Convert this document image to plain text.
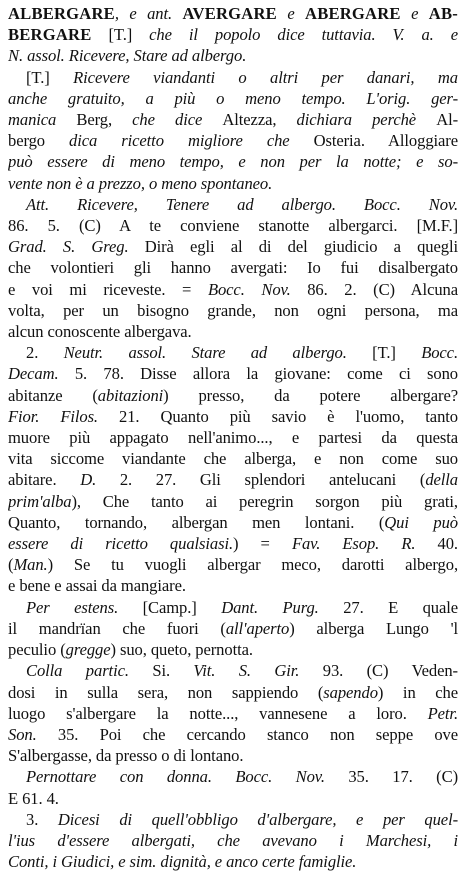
ALBERGARE, e ant. AVERGARE e ABERGARE e AB-
BERGARE [T.] che il popolo dice tuttavia. V. a. e
N. assol. Ricevere, Stare ad albergo.
[T.] Ricevere viandanti o altri per danari, ma
anche gratuito, a più o meno tempo. L'orig. ger-
manica Berg, che dice Altezza, dichiara perchè Al-
bergo dica ricetto migliore che Osteria. Alloggiare
può essere di meno tempo, e non per la notte; e so-
vente non è a prezzo, o meno spontaneo.
Att. Ricevere, Tenere ad albergo. Bocc. Nov.
86. 5. (C) A te conviene stanotte albergarci. [M.F.]
Grad. S. Greg. Dirà egli al di del giudicio a quegli
che volontieri gli hanno avergati: Io fui disalbergato
e voi mi riceveste. = Bocc. Nov. 86. 2. (C) Alcuna
volta, per un bisogno grande, non ogni persona, ma
alcun conoscente albergava.
2. Neutr. assol. Stare ad albergo. [T.] Bocc.
Decam. 5. 78. Disse allora la giovane: come ci sono
abitanze (abitazioni) presso, da potere albergare?
Fior. Filos. 21. Quanto più savio è l'uomo, tanto
muore più appagato nell'animo..., e partesi da questa
vita siccome viandante che alberga, e non come suo
abitare. D. 2. 27. Gli splendori antelucani (della
prim'alba), Che tanto ai peregrin sorgon più grati,
Quanto, tornando, albergan men lontani. (Qui può
essere di ricetto qualsiasi.) = Fav. Esop. R. 40.
(Man.) Se tu vuogli albergar meco, darotti albergo,
e bene e assai da mangiare.
Per estens. [Camp.] Dant. Purg. 27. E quale
il mandrïan che fuori (all'aperto) alberga Lungo 'l
peculio (gregge) suo, queto, pernotta.
Colla partic. Si. Vit. S. Gir. 93. (C) Veden-
dosi in sulla sera, non sappiendo (sapendo) in che
luogo s'albergare la notte..., vannesene a loro. Petr.
Son. 35. Poi che cercando stanco non seppe ove
S'albergasse, da presso o di lontano.
Pernottare con donna. Bocc. Nov. 35. 17. (C)
E 61. 4.
3. Dicesi di quell'obbligo d'albergare, e per quel-
l'ius d'essere albergati, che avevano i Marchesi, i
Conti, i Giudici, e sim. dignità, e anco certe famiglie.
